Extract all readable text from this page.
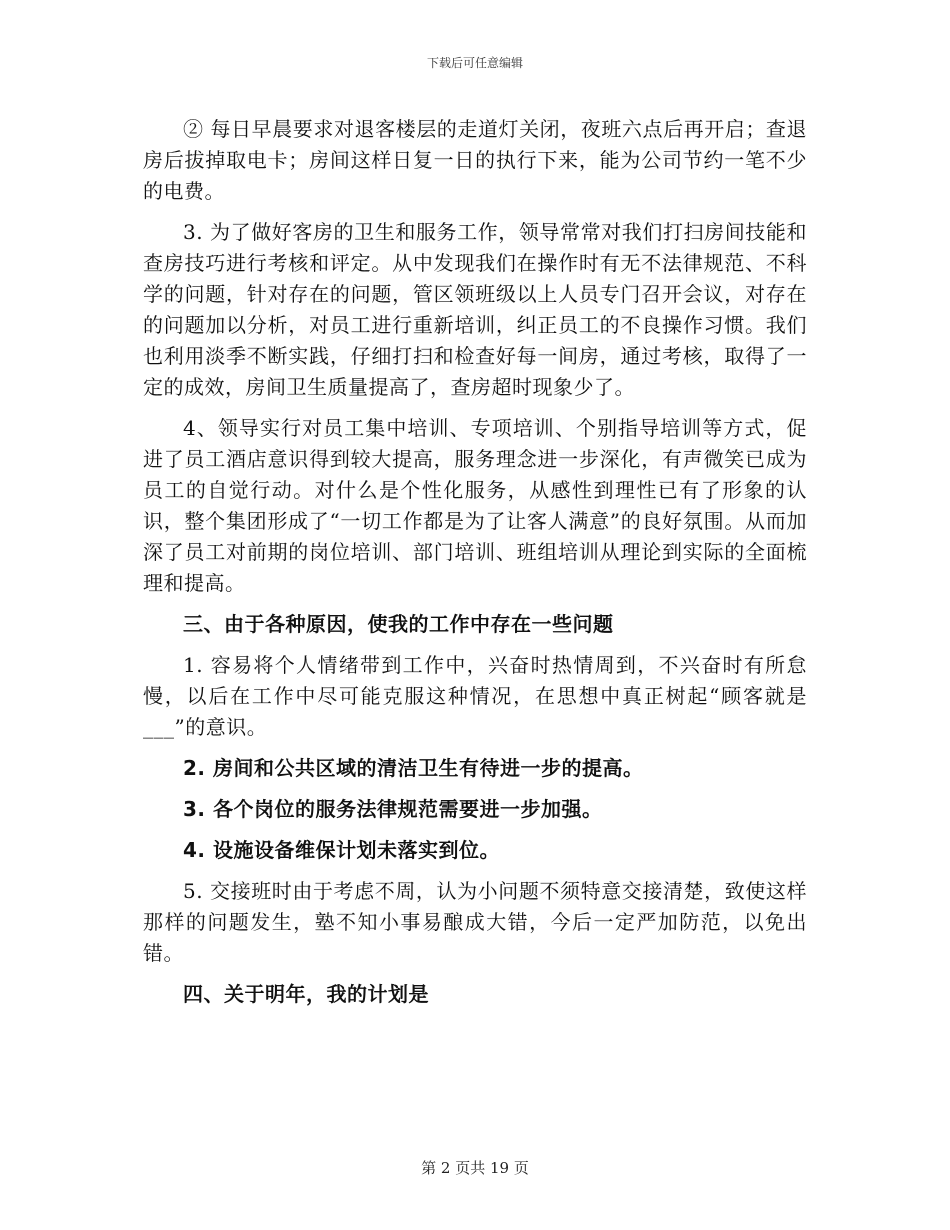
下载后可任意编辑

② 每日早晨要求对退客楼层的走道灯关闭，夜班六点后再开启；查退房后拔掉取电卡；房间这样日复一日的执行下来，能为公司节约一笔不少的电费。

3. 为了做好客房的卫生和服务工作，领导常常对我们打扫房间技能和查房技巧进行考核和评定。从中发现我们在操作时有无不法律规范、不科学的问题，针对存在的问题，管区领班级以上人员专门召开会议，对存在的问题加以分析，对员工进行重新培训，纠正员工的不良操作习惯。我们也利用淡季不断实践，仔细打扫和检查好每一间房，通过考核，取得了一定的成效，房间卫生质量提高了，查房超时现象少了。

4、领导实行对员工集中培训、专项培训、个别指导培训等方式，促进了员工酒店意识得到较大提高，服务理念进一步深化，有声微笑已成为员工的自觉行动。对什么是个性化服务，从感性到理性已有了形象的认识，整个集团形成了“一切工作都是为了让客人满意”的良好氛围。从而加深了员工对前期的岗位培训、部门培训、班组培训从理论到实际的全面梳理和提高。

三、由于各种原因，使我的工作中存在一些问题

1. 容易将个人情绪带到工作中，兴奋时热情周到，不兴奋时有所怠慢，以后在工作中尽可能克服这种情况，在思想中真正树起“顾客就是___”的意识。

2. 房间和公共区域的清洁卫生有待进一步的提高。

3. 各个岗位的服务法律规范需要进一步加强。

4. 设施设备维保计划未落实到位。

5. 交接班时由于考虑不周，认为小问题不须特意交接清楚，致使这样那样的问题发生，塾不知小事易酿成大错，今后一定严加防范，以免出错。

四、关于明年，我的计划是

第 2 页共 19 页
